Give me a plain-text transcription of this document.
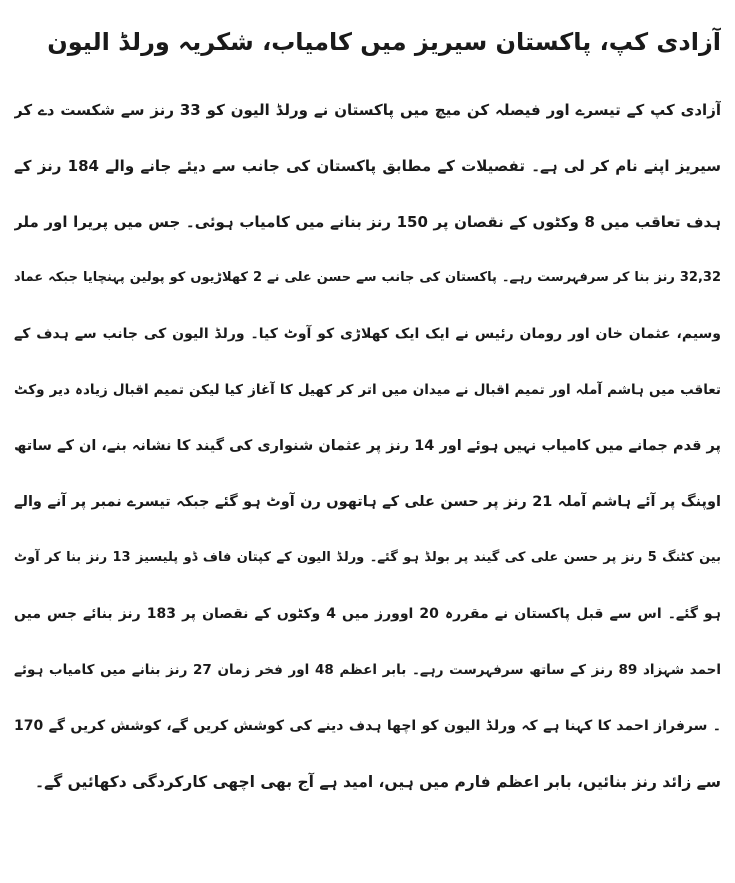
آزادی کپ، پاکستان سیریز میں کامیاب، شکریہ ورلڈ الیون
آزادی کپ کے تیسرے اور فیصلہ کن میچ میں پاکستان نے ورلڈ الیون کو 33 رنز سے شکست دے کر
سیریز اپنے نام کر لی ہے۔ تفصیلات کے مطابق پاکستان کی جانب سے دیئے جانے والے 184 رنز کے
ہدف تعاقب میں 8 وکٹوں کے نقصان پر 150 رنز بنانے میں کامیاب ہوئی۔ جس میں پریرا اور ملر
32,32 رنز بنا کر سرفہرست رہے۔ پاکستان کی جانب سے حسن علی نے 2 کھلاڑیوں کو پولین پہنچایا جبکہ عماد
وسیم، عثمان خان اور رومان رئیس نے ایک ایک کھلاڑی کو آوٹ کیا۔ ورلڈ الیون کی جانب سے ہدف کے
تعاقب میں ہاشم آملہ اور تمیم اقبال نے میدان میں اتر کر کھیل کا آغاز کیا لیکن تمیم اقبال زیادہ دیر وکٹ
پر قدم جمانے میں کامیاب نہیں ہوئے اور 14 رنز پر عثمان شنواری کی گیند کا نشانہ بنے، ان کے ساتھ
اوپنگ پر آئے ہاشم آملہ 21 رنز پر حسن علی کے ہاتھوں رن آوٹ ہو گئے جبکہ تیسرے نمبر پر آنے والے
بین کٹنگ 5 رنز پر حسن علی کی گیند پر بولڈ ہو گئے۔ ورلڈ الیون کے کپتان فاف ڈو پلیسیز 13 رنز بنا کر آوٹ
ہو گئے۔ اس سے قبل پاکستان نے مقررہ 20 اوورز میں 4 وکٹوں کے نقصان پر 183 رنز بنائے جس میں
احمد شہزاد 89 رنز کے ساتھ سرفہرست رہے۔ بابر اعظم 48 اور فخر زمان 27 رنز بنانے میں کامیاب ہوئے
۔ سرفراز احمد کا کہنا ہے کہ ورلڈ الیون کو اچھا ہدف دینے کی کوشش کریں گے، کوشش کریں گے 170
سے زائد رنز بنائیں، بابر اعظم فارم میں ہیں، امید ہے آج بھی اچھی کارکردگی دکھائیں گے۔
